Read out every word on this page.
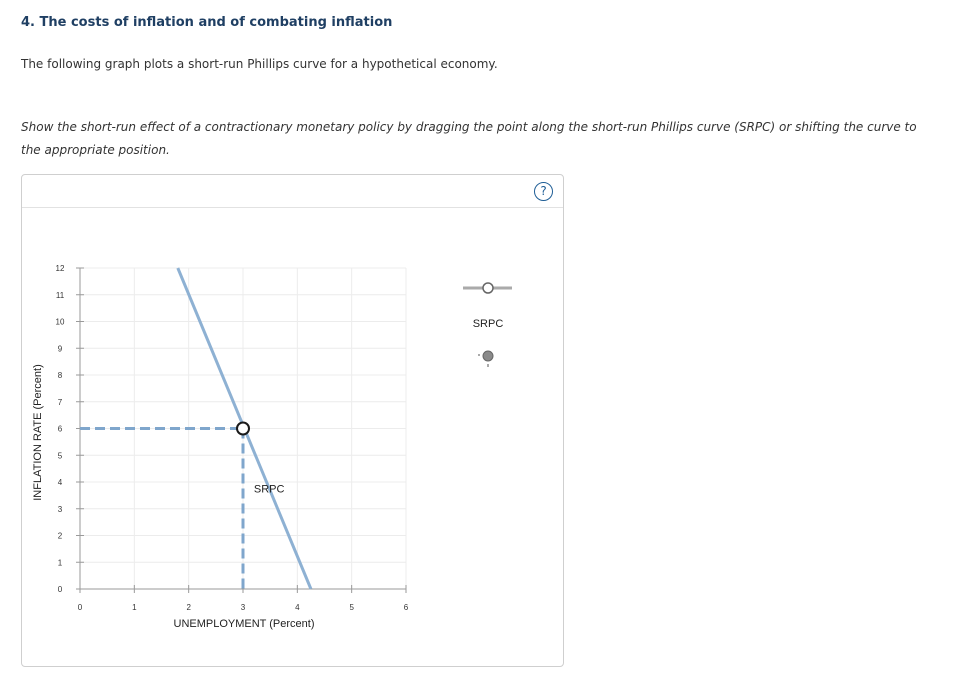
4. The costs of inflation and of combating inflation

The following graph plots a short-run Phillips curve for a hypothetical economy.

Show the short-run effect of a contractionary monetary policy by dragging the point along the short-run Phillips curve (SRPC) or shifting the curve to the appropriate position.

?
0
1
2
3
4
5
6
7
8
9
10
12
11
0	1	2	3	4	5	6
SRPC
UNEMPLOYMENT (Percent)
INFLATION RATE (Percent)
SRPC
